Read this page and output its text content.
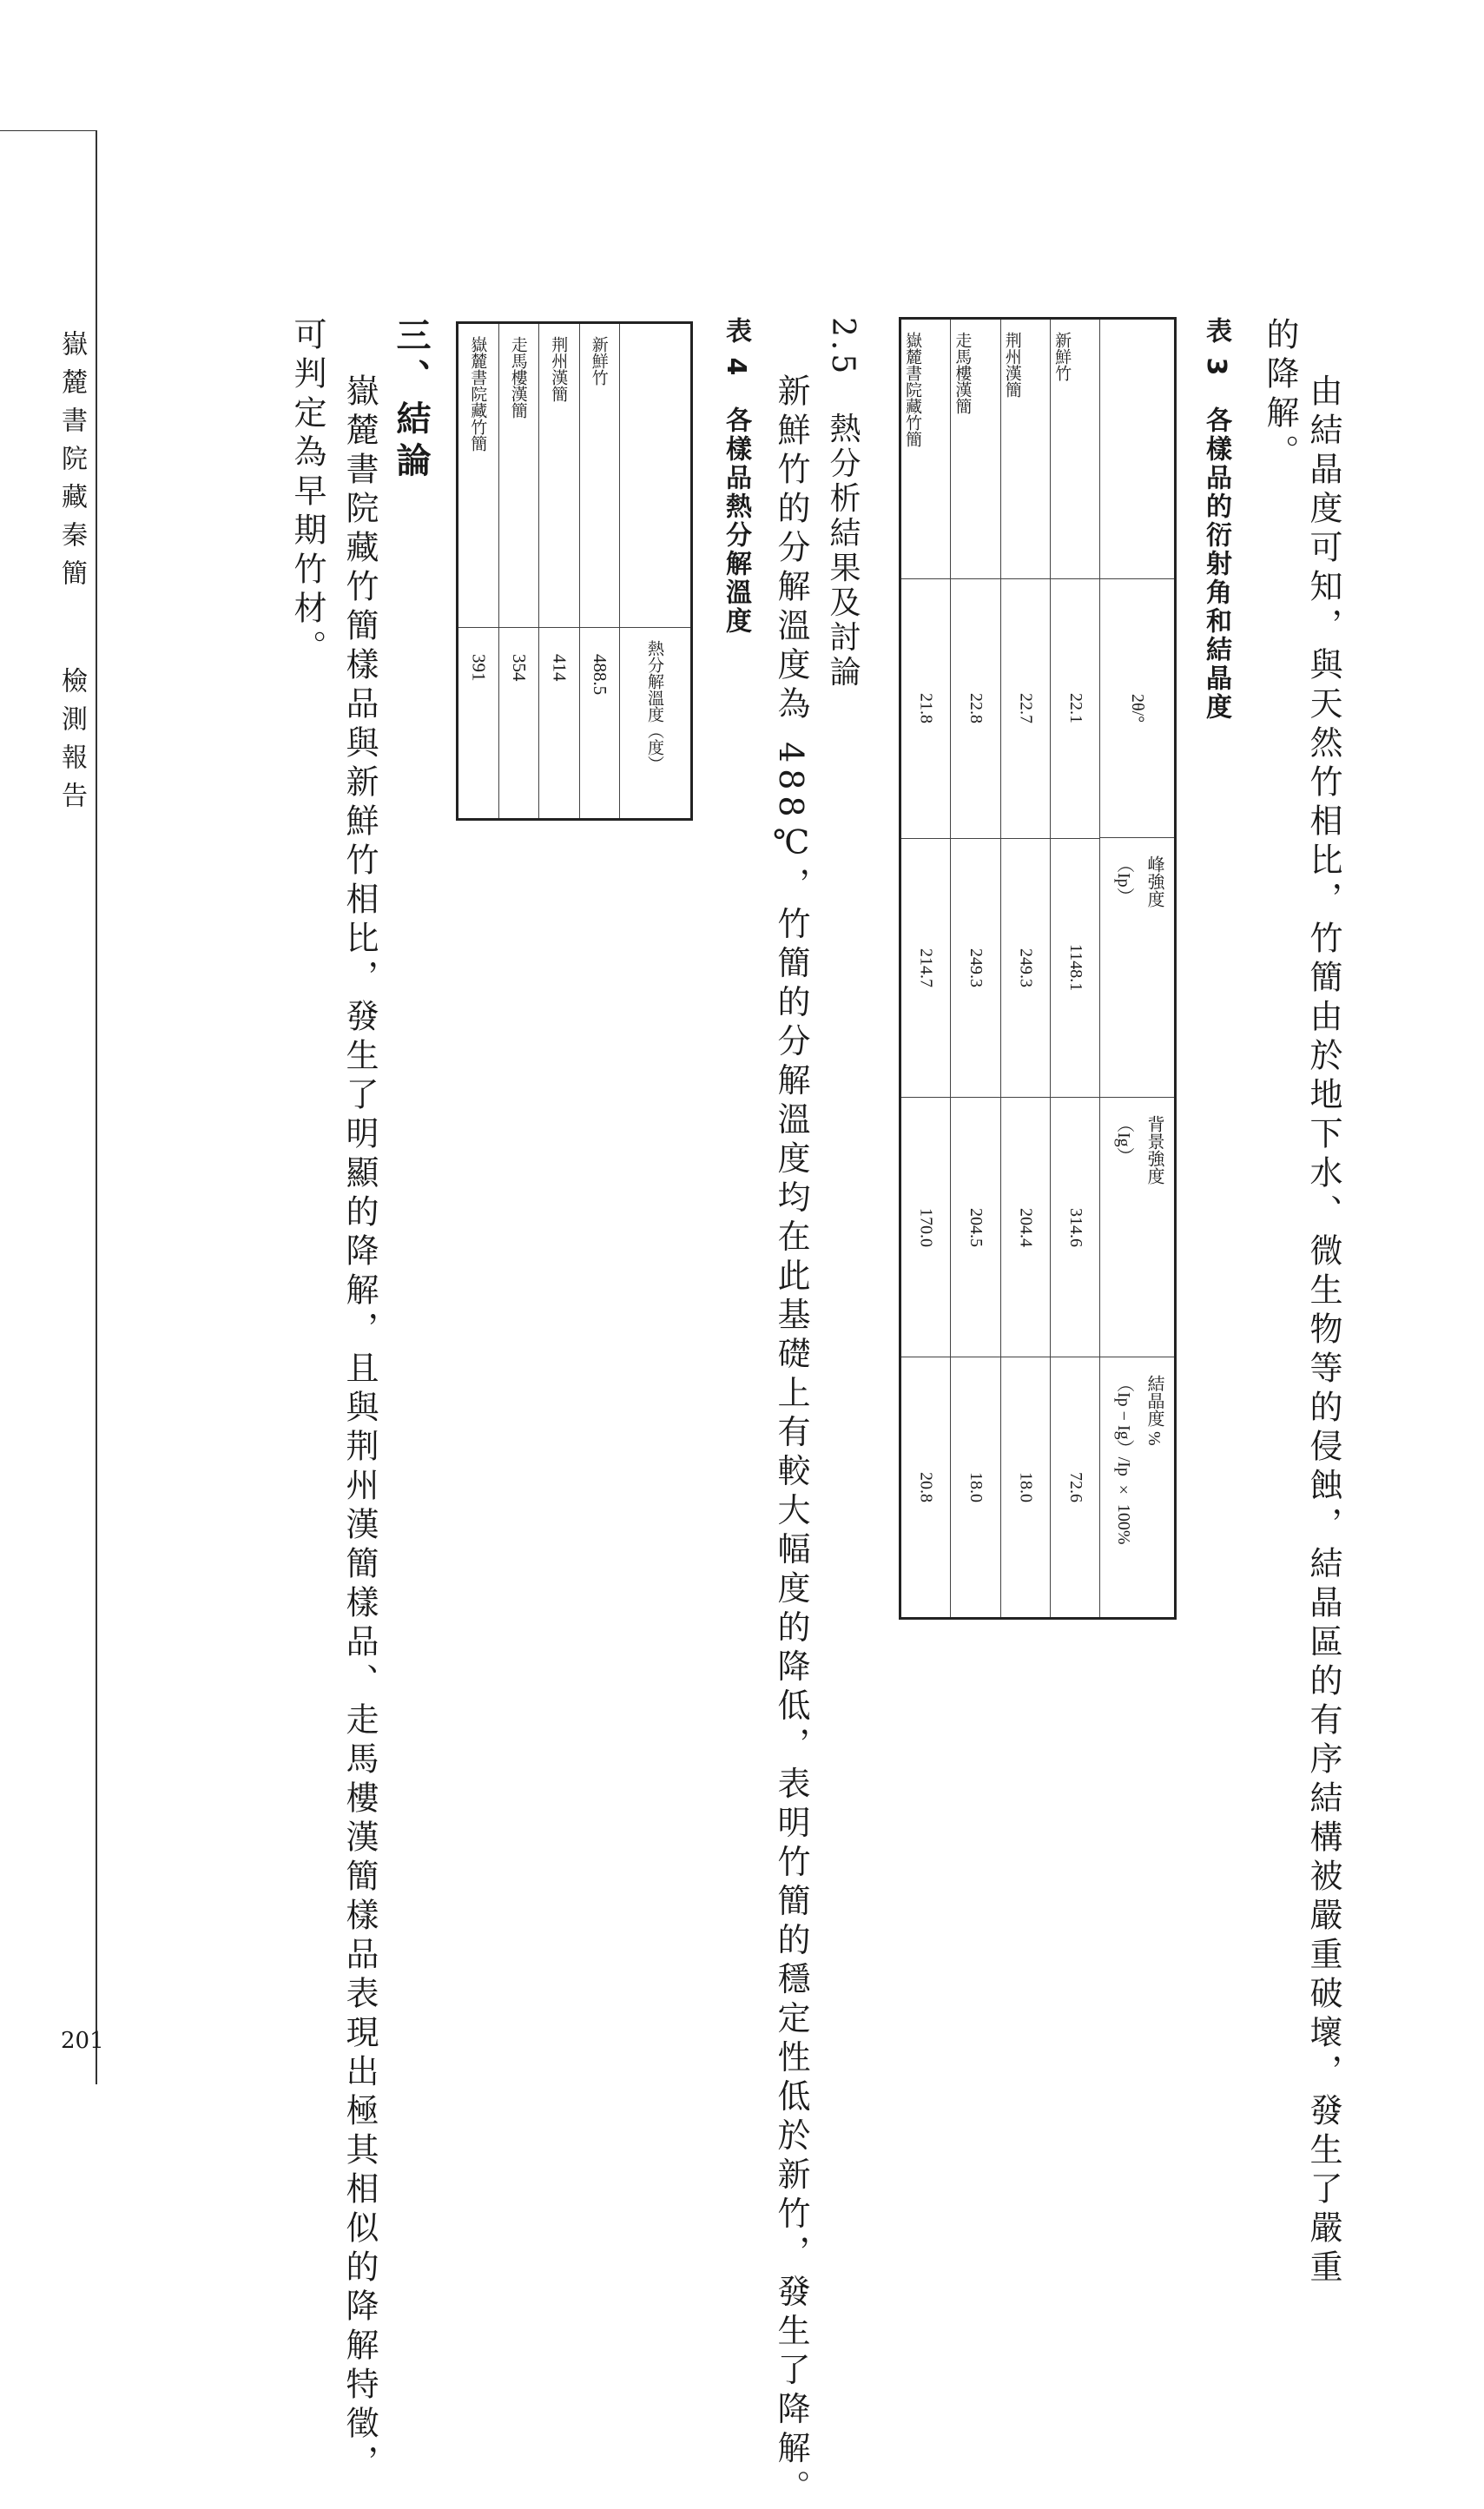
嶽麓書院藏秦簡檢測報告
201	由結晶度可知，與天然竹相比，竹簡由於地下水、微生物等的侵蝕，結晶區的有序結構被嚴重破壞，發生了嚴重
的降解。
表 3　各樣品的衍射角和結晶度
2θ/°
峰強度
（Ip）
背景強度
（Ig）
結晶度 %
（Ip − Ig）/Ip × 100%
新鮮竹
22.1
1148.1
314.6
72.6
荆州漢簡
22.7
249.3
204.4
18.0
走馬樓漢簡
22.8
249.3
204.5
18.0
嶽麓書院藏竹簡
21.8
214.7
170.0
20.8
2.5　熱分析結果及討論
新鮮竹的分解溫度為 488℃，竹簡的分解溫度均在此基礎上有較大幅度的降低，表明竹簡的穩定性低於新竹，發生了降解。
表 4　各樣品熱分解溫度
熱分解溫度（度）
新鮮竹
488.5
荆州漢簡
414
走馬樓漢簡
354
嶽麓書院藏竹簡
391
三、結論
嶽麓書院藏竹簡樣品與新鮮竹相比，發生了明顯的降解，且與荆州漢簡樣品、走馬樓漢簡樣品表現出極其相似的降解特徵，
可判定為早期竹材。
